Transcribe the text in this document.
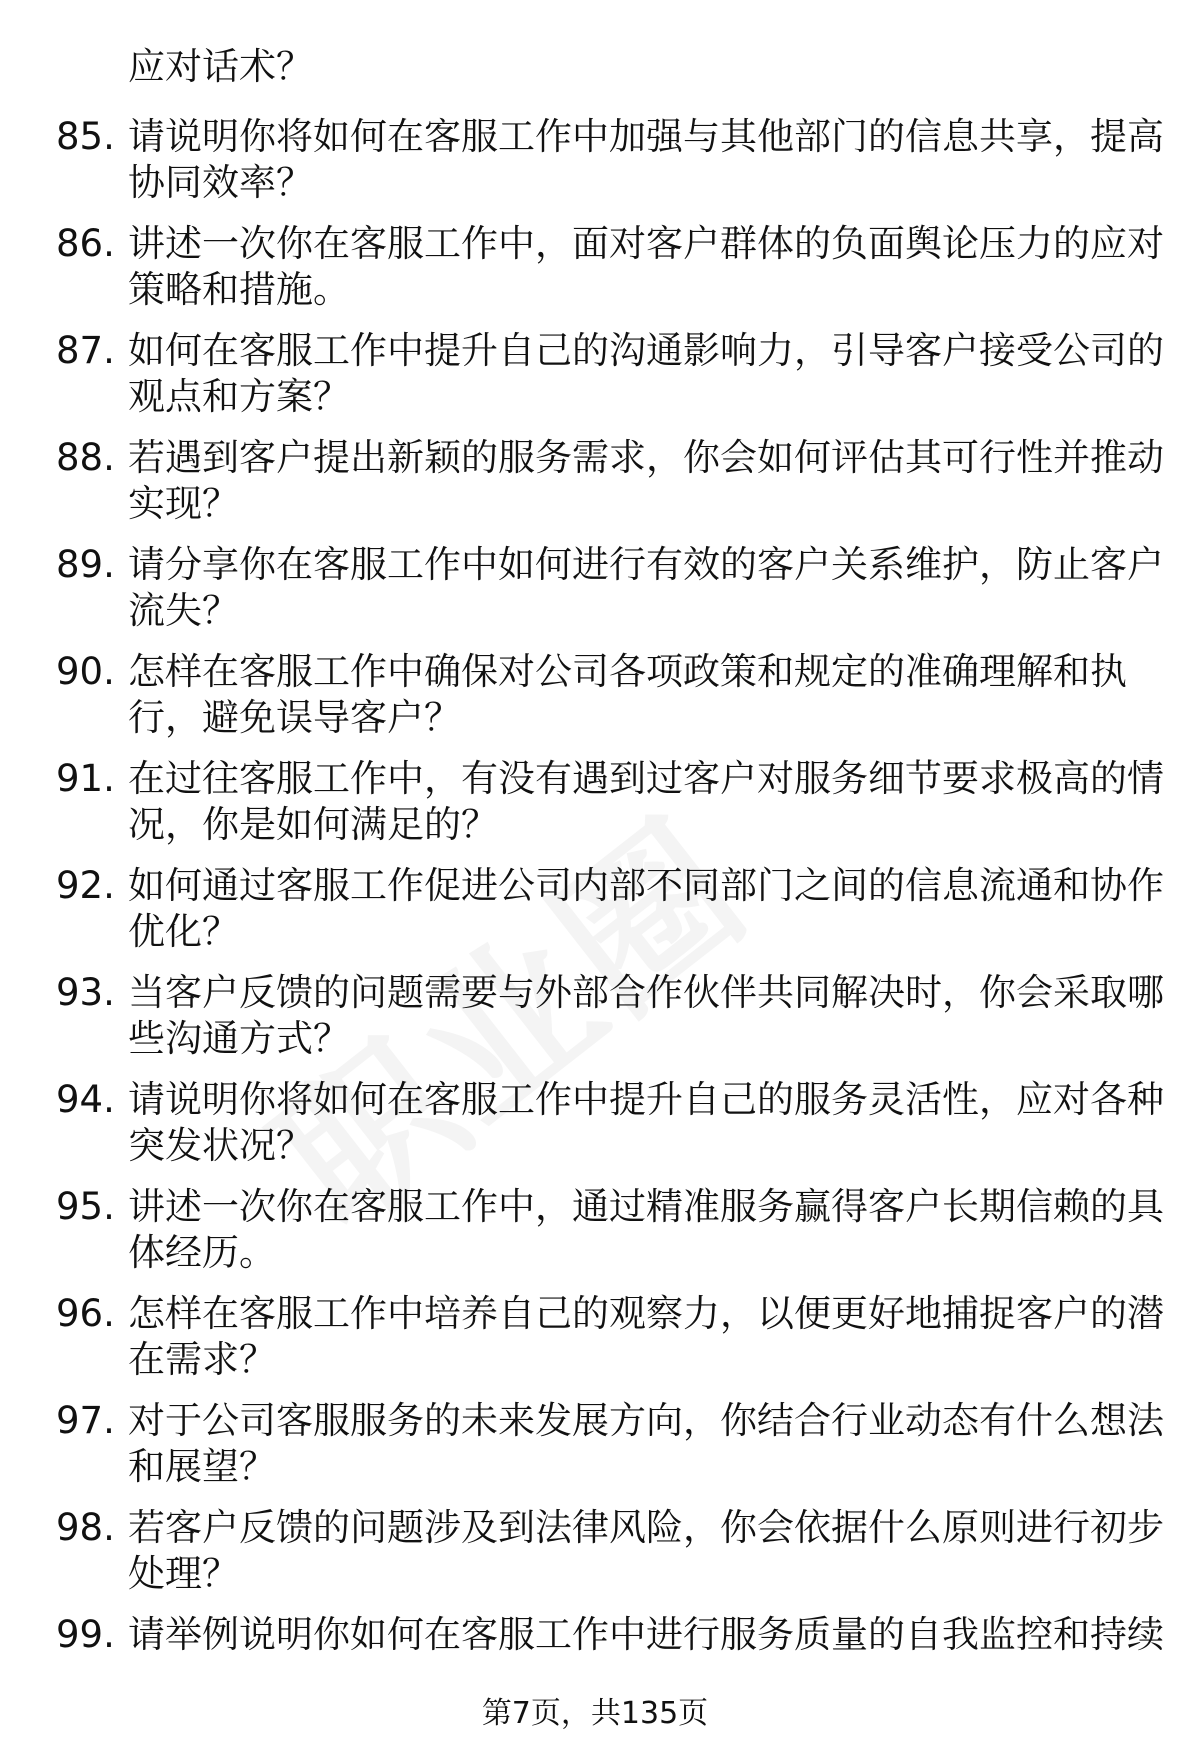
应对话术？
85. 请说明你将如何在客服工作中加强与其他部门的信息共享，提高
协同效率？
86. 讲述一次你在客服工作中，面对客户群体的负面舆论压力的应对
策略和措施。
87. 如何在客服工作中提升自己的沟通影响力，引导客户接受公司的
观点和方案？
88. 若遇到客户提出新颖的服务需求，你会如何评估其可行性并推动
实现？
89. 请分享你在客服工作中如何进行有效的客户关系维护，防止客户
流失？
90. 怎样在客服工作中确保对公司各项政策和规定的准确理解和执
行，避免误导客户？
91. 在过往客服工作中，有没有遇到过客户对服务细节要求极高的情
况，你是如何满足的？
92. 如何通过客服工作促进公司内部不同部门之间的信息流通和协作
优化？
93. 当客户反馈的问题需要与外部合作伙伴共同解决时，你会采取哪
些沟通方式？
94. 请说明你将如何在客服工作中提升自己的服务灵活性，应对各种
突发状况？
95. 讲述一次你在客服工作中，通过精准服务赢得客户长期信赖的具
体经历。
96. 怎样在客服工作中培养自己的观察力，以便更好地捕捉客户的潜
在需求？
97. 对于公司客服服务的未来发展方向，你结合行业动态有什么想法
和展望？
98. 若客户反馈的问题涉及到法律风险，你会依据什么原则进行初步
处理？
99. 请举例说明你如何在客服工作中进行服务质量的自我监控和持续
第7页，共135页
